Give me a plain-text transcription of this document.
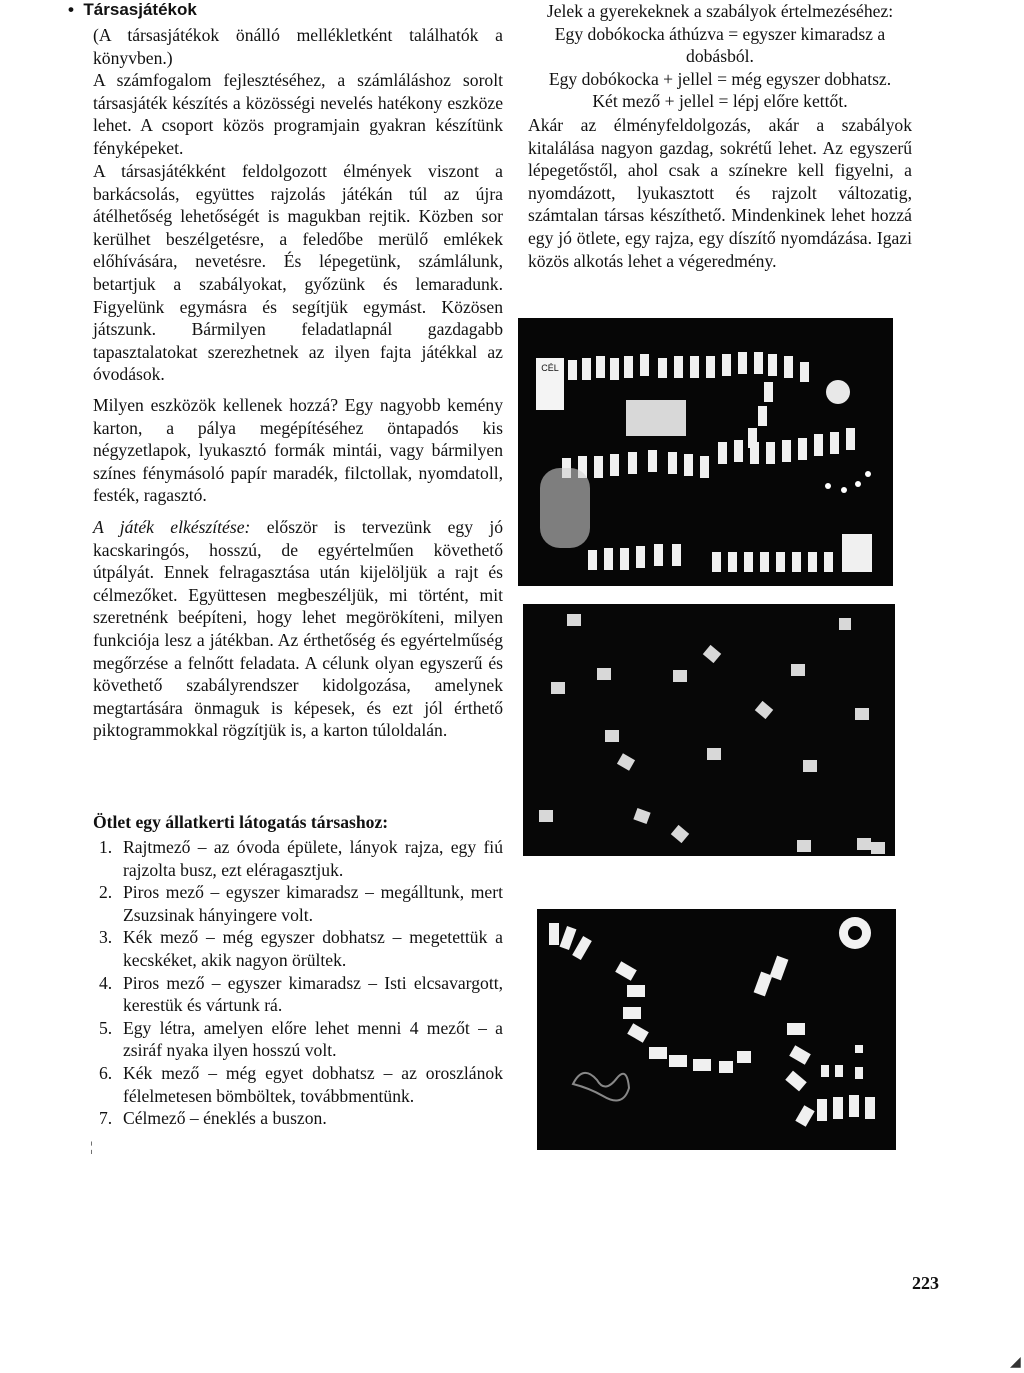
• Társasjátékok

(A társasjátékok önálló mellékletként találhatók a könyvben.)

A számfogalom fejlesztéséhez, a számláláshoz sorolt társasjáték készítés a közösségi nevelés hatékony eszköze lehet. A csoport közös programjain gyakran készítünk fényképeket.

A társasjátékként feldolgozott élmények viszont a barkácsolás, együttes rajzolás játékán túl az újra átélhetőség lehetőségét is magukban rejtik. Közben sor kerülhet beszélgetésre, a feledőbe merülő emlékek előhívására, nevetésre. És lépegetünk, számlálunk, betartjuk a szabályokat, győzünk és lemaradunk. Figyelünk egymásra és segítjük egymást. Közösen játszunk. Bármilyen feladatlapnál gazdagabb tapasztalatokat szerezhetnek az ilyen fajta játékkal az óvodások.

Milyen eszközök kellenek hozzá? Egy nagyobb kemény karton, a pálya megépítéséhez öntapadós kis négyzetlapok, lyukasztó formák mintái, vagy bármilyen színes fénymásoló papír maradék, filctollak, nyomdatoll, festék, ragasztó.

A játék elkészítése: először is tervezünk egy jó kacskaringós, hosszú, de egyértelműen követhető útpályát. Ennek felragasztása után kijelöljük a rajt és célmezőket. Együttesen megbeszéljük, mi történt, mit szeretnénk beépíteni, hogy lehet megörökíteni, milyen funkciója lesz a játékban. Az érthetőség és egyértelműség megőrzése a felnőtt feladata. A célunk olyan egyszerű és követhető szabályrendszer kidolgozása, amelynek megtartására önmaguk is képesek, és ezt jól érthető piktogrammokkal rögzítjük is, a karton túloldalán.

Ötlet egy állatkerti látogatás társashoz:

1. Rajtmező – az óvoda épülete, lányok rajza, egy fiú rajzolta busz, ezt eléragasztjuk.
2. Piros mező – egyszer kimaradsz – megálltunk, mert Zsuzsinak hányingere volt.
3. Kék mező – még egyszer dobhatsz – megetettük a kecskéket, akik nagyon örültek.
4. Piros mező – egyszer kimaradsz – Isti elcsavargott, kerestük és vártunk rá.
5. Egy létra, amelyen előre lehet menni 4 mezőt – a zsiráf nyaka ilyen hosszú volt.
6. Kék mező – még egyet dobhatsz – az oroszlánok félelmetesen bömböltek, továbbmentünk.
7. Célmező – éneklés a buszon.

Jelek a gyerekeknek a szabályok értelmezéséhez:

Egy dobókocka áthúzva = egyszer kimaradsz a dobásból.

Egy dobókocka + jellel = még egyszer dobhatsz.

Két mező + jellel = lépj előre kettőt.

Akár az élményfeldolgozás, akár a szabályok kitalálása nagyon gazdag, sokrétű lehet. Az egyszerű lépegetőstől, ahol csak a színekre kell figyelni, a nyomdázott, lyukasztott és rajzolt változatig, számtalan társas készíthető. Mindenkinek lehet hozzá egy jó ötlete, egy rajza, egy díszítő nyomdázása. Igazi közös alkotás lehet a végeredmény.

CÉL
223
¦
◢
